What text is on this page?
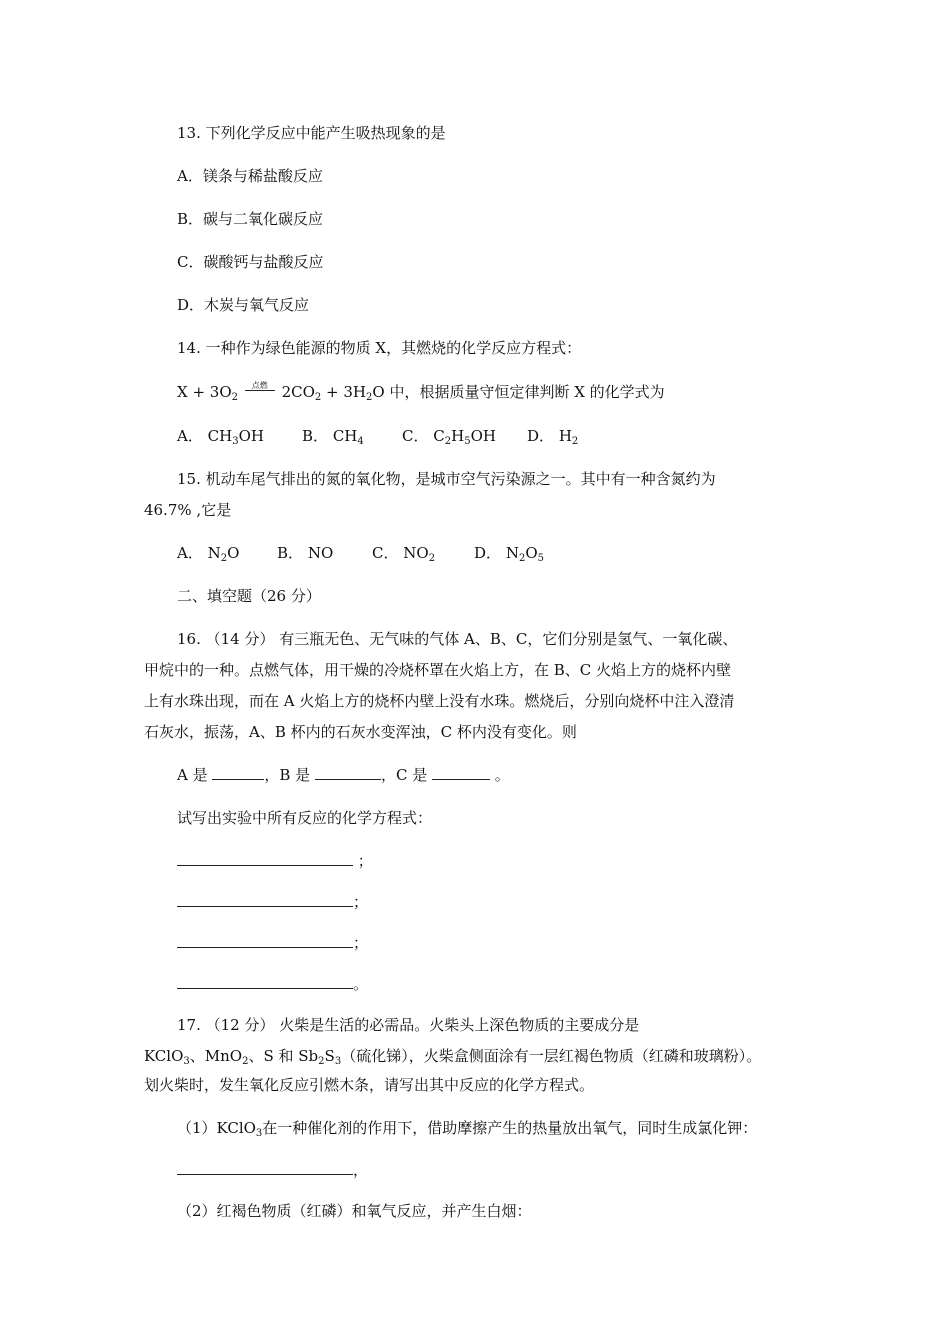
13. 下列化学反应中能产生吸热现象的是
A．镁条与稀盐酸反应
B．碳与二氧化碳反应
C．碳酸钙与盐酸反应
D．木炭与氧气反应
14. 一种作为绿色能源的物质 X，其燃烧的化学反应方程式：
$X + 3O_2$
点燃 $2CO_2 + 3H_2O$ 中，根据质量守恒定律判断 X 的化学式为
A． $CH_3OH$	B． $CH_4$	C． $C_2H_5OH$ D． $H_2$
15. 机动车尾气排出的氮的氧化物，是城市空气污染源之一。其中有一种含氮约为
46.7% ,它是
A． $N_2O$	B． NO	C． $NO_2$	D． $N_2O_5$
二、填空题（26 分）
16. （14 分） 有三瓶无色、无气味的气体 A、B、C，它们分别是氢气、一氧化碳、
甲烷中的一种。点燃气体，用干燥的冷烧杯罩在火焰上方，在 B、C 火焰上方的烧杯内壁
上有水珠出现，而在 A 火焰上方的烧杯内壁上没有水珠。燃烧后，分别向烧杯中注入澄清
石灰水，振荡，A、B 杯内的石灰水变浑浊，C 杯内没有变化。则
A 是	，B 是	，C 是	。
试写出实验中所有反应的化学方程式：
；
；
；
。
17. （12 分） 火柴是生活的必需品。火柴头上深色物质的主要成分是
KClO$_3$、MnO$_2$、S 和 $Sb_2S_3$（硫化锑），火柴盒侧面涂有一层红褐色物质（红磷和玻璃粉）。
划火柴时，发生氧化反应引燃木条，请写出其中反应的化学方程式。
（1）KClO$_3$在一种催化剂的作用下，借助摩擦产生的热量放出氧气，同时生成氯化钾：
，
（2）红褐色物质（红磷）和氧气反应，并产生白烟：
